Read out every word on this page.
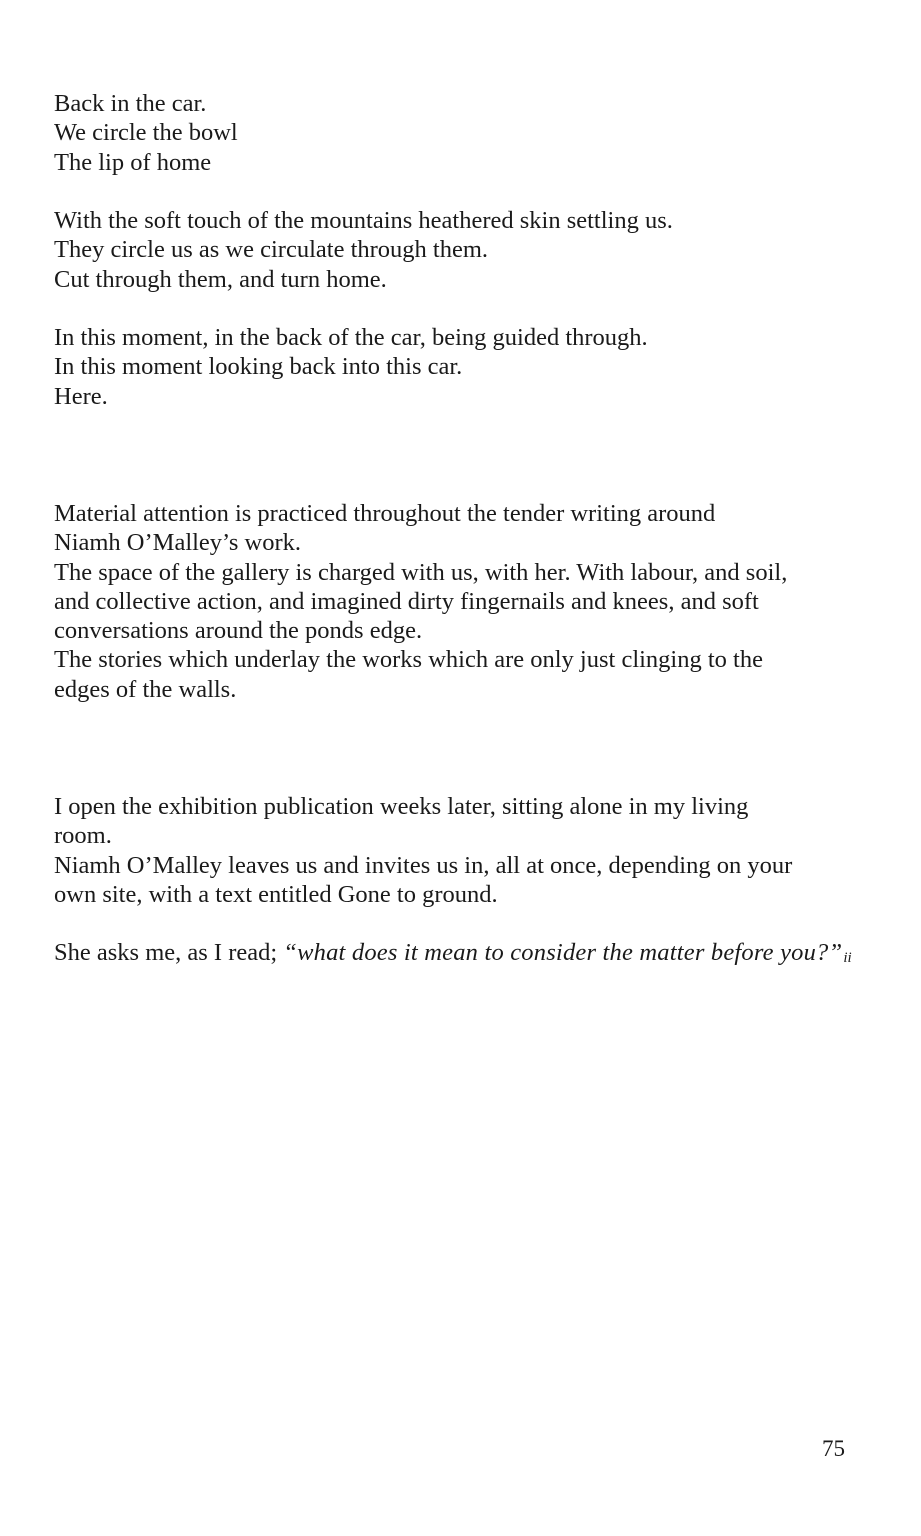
Back in the car.
We circle the bowl
The lip of home
With the soft touch of the mountains heathered skin settling us.
They circle us as we circulate through them.
Cut through them, and turn home.
In this moment, in the back of the car, being guided through.
In this moment looking back into this car.
Here.
Material attention is practiced throughout the tender writing around
Niamh O’Malley’s work.
The space of the gallery is charged with us, with her. With labour, and soil,
and collective action, and imagined dirty fingernails and knees, and soft
conversations around the ponds edge.
The stories which underlay the works which are only just clinging to the
edges of the walls.
I open the exhibition publication weeks later, sitting alone in my living
room.
Niamh O’Malley leaves us and invites us in, all at once, depending on your
own site, with a text entitled Gone to ground.
She asks me, as I read; “what does it mean to consider the matter before you?”ii
75
